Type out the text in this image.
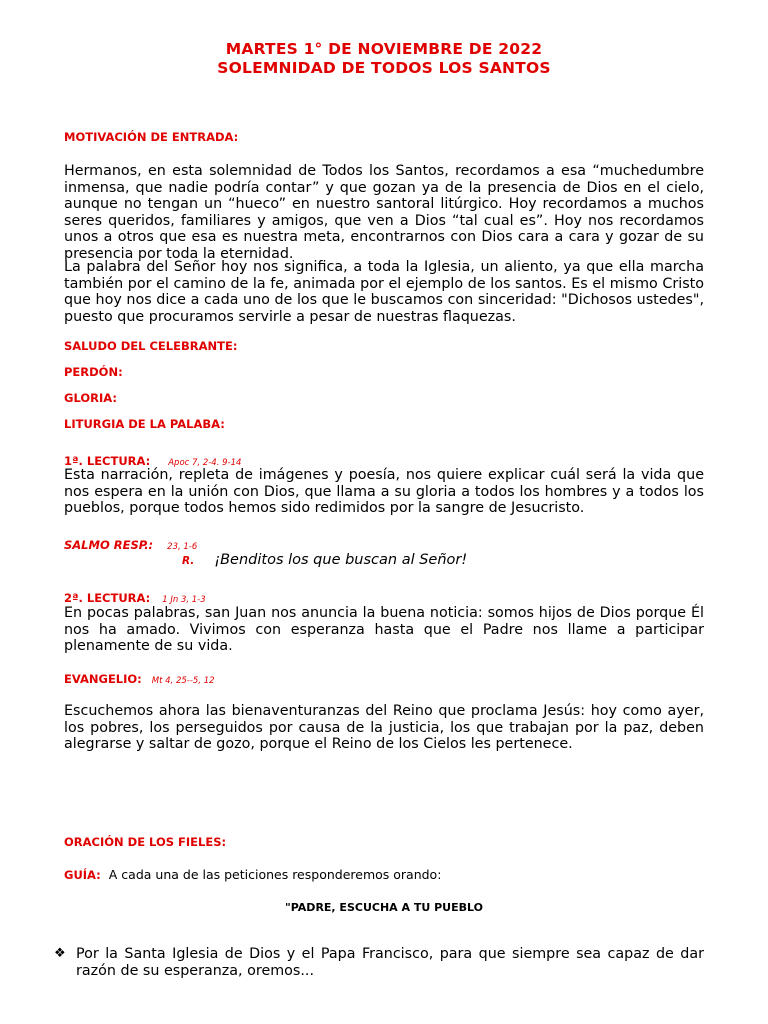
MARTES 1° DE NOVIEMBRE DE 2022
SOLEMNIDAD DE TODOS LOS SANTOS
MOTIVACIÓN DE ENTRADA:
Hermanos, en esta solemnidad de Todos los Santos, recordamos a esa “muchedumbre inmensa, que nadie podría contar” y que gozan ya de la presencia de Dios en el cielo, aunque no tengan un “hueco” en nuestro santoral litúrgico. Hoy recordamos a muchos seres queridos, familiares y amigos, que ven a Dios “tal cual es”. Hoy nos recordamos unos a otros que esa es nuestra meta, encontrarnos con Dios cara a cara y gozar de su presencia por toda la eternidad.
La palabra del Señor hoy nos significa, a toda la Iglesia, un aliento, ya que ella marcha también por el camino de la fe, animada por el ejemplo de los santos. Es el mismo Cristo que hoy nos dice a cada uno de los que le buscamos con sinceridad: "Dichosos ustedes", puesto que procuramos servirle a pesar de nuestras flaquezas.
SALUDO DEL CELEBRANTE:
PERDÓN:
GLORIA:
LITURGIA DE LA PALABA:
1ª. LECTURA: Apoc 7, 2-4. 9-14
Esta narración, repleta de imágenes y poesía, nos quiere explicar cuál será la vida que nos espera en la unión con Dios, que llama a su gloria a todos los hombres y a todos los pueblos, porque todos hemos sido redimidos por la sangre de Jesucristo.
SALMO RESP.: 23, 1-6
R. ¡Benditos los que buscan al Señor!
2ª. LECTURA: 1 Jn 3, 1-3
En pocas palabras, san Juan nos anuncia la buena noticia: somos hijos de Dios porque Él nos ha amado. Vivimos con esperanza hasta que el Padre nos llame a participar plenamente de su vida.
EVANGELIO: Mt 4, 25--5, 12
Escuchemos ahora las bienaventuranzas del Reino que proclama Jesús: hoy como ayer, los pobres, los perseguidos por causa de la justicia, los que trabajan por la paz, deben alegrarse y saltar de gozo, porque el Reino de los Cielos les pertenece.
ORACIÓN DE LOS FIELES:
GUÍA: A cada una de las peticiones responderemos orando:
"PADRE, ESCUCHA A TU PUEBLO
❖ Por la Santa Iglesia de Dios y el Papa Francisco, para que siempre sea capaz de dar razón de su esperanza, oremos...
